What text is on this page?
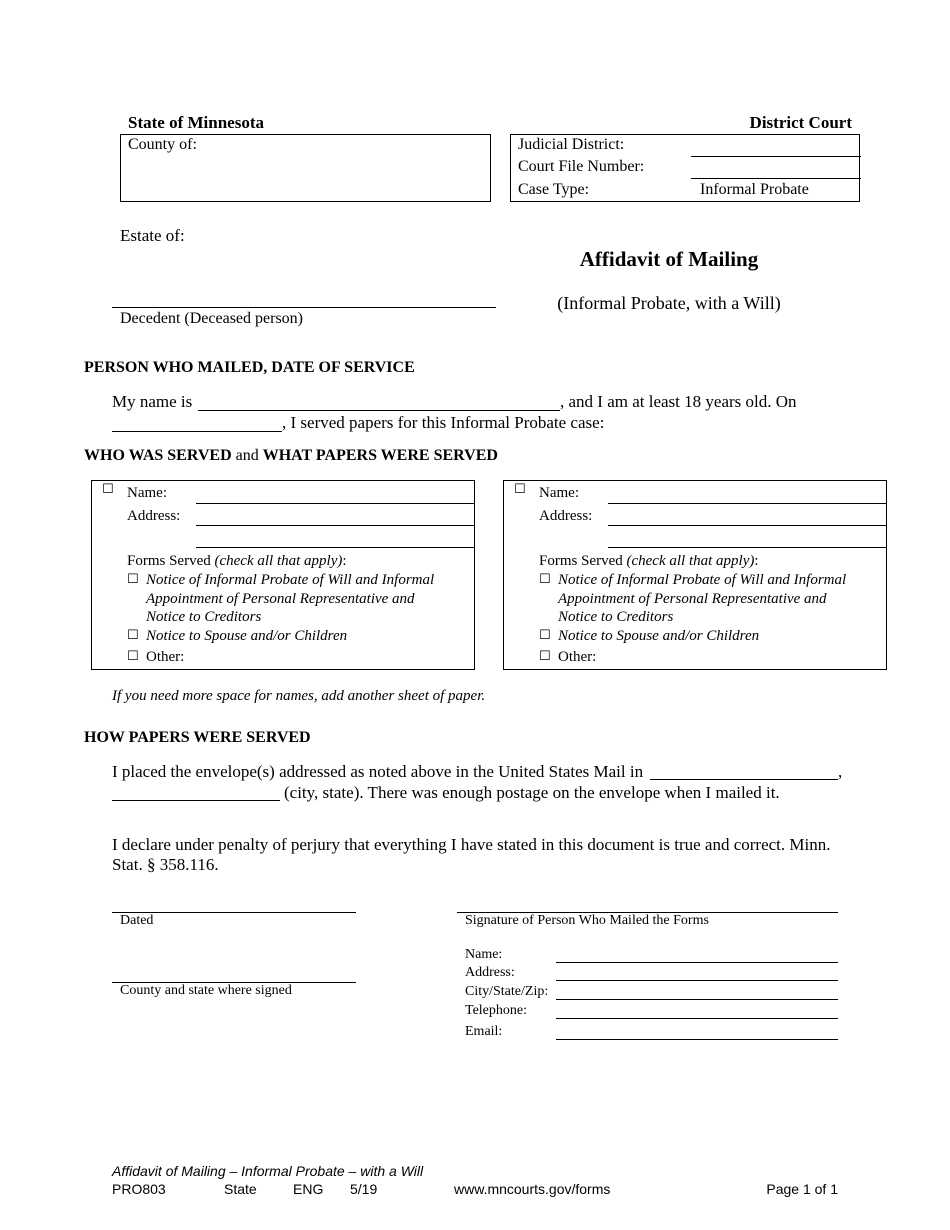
State of Minnesota	District Court
County of:	Judicial District:
Court File Number:
Case Type:	Informal Probate
Estate of:
Decedent (Deceased person)
Affidavit of Mailing
(Informal Probate, with a Will)
PERSON WHO MAILED, DATE OF SERVICE
My name is	, and I am at least 18 years old. On
, I served papers for this Informal Probate case:
WHO WAS SERVED and WHAT PAPERS WERE SERVED
☐ Name:
Address:
Forms Served (check all that apply):
☐ Notice of Informal Probate of Will and Informal
Appointment of Personal Representative and
Notice to Creditors
☐ Notice to Spouse and/or Children
☐ Other:
☐ Name:
Address:
Forms Served (check all that apply):
☐ Notice of Informal Probate of Will and Informal
Appointment of Personal Representative and
Notice to Creditors
☐ Notice to Spouse and/or Children
☐ Other:
If you need more space for names, add another sheet of paper.
HOW PAPERS WERE SERVED
I placed the envelope(s) addressed as noted above in the United States Mail in	,
(city, state). There was enough postage on the envelope when I mailed it.
I declare under penalty of perjury that everything I have stated in this document is true and correct. Minn. Stat. § 358.116.
Dated
County and state where signed
Signature of Person Who Mailed the Forms
Name:
Address:
City/State/Zip:
Telephone:
Email:
Affidavit of Mailing – Informal Probate – with a Will
PRO803	State	ENG 5/19	www.mncourts.gov/forms	Page 1 of 1
